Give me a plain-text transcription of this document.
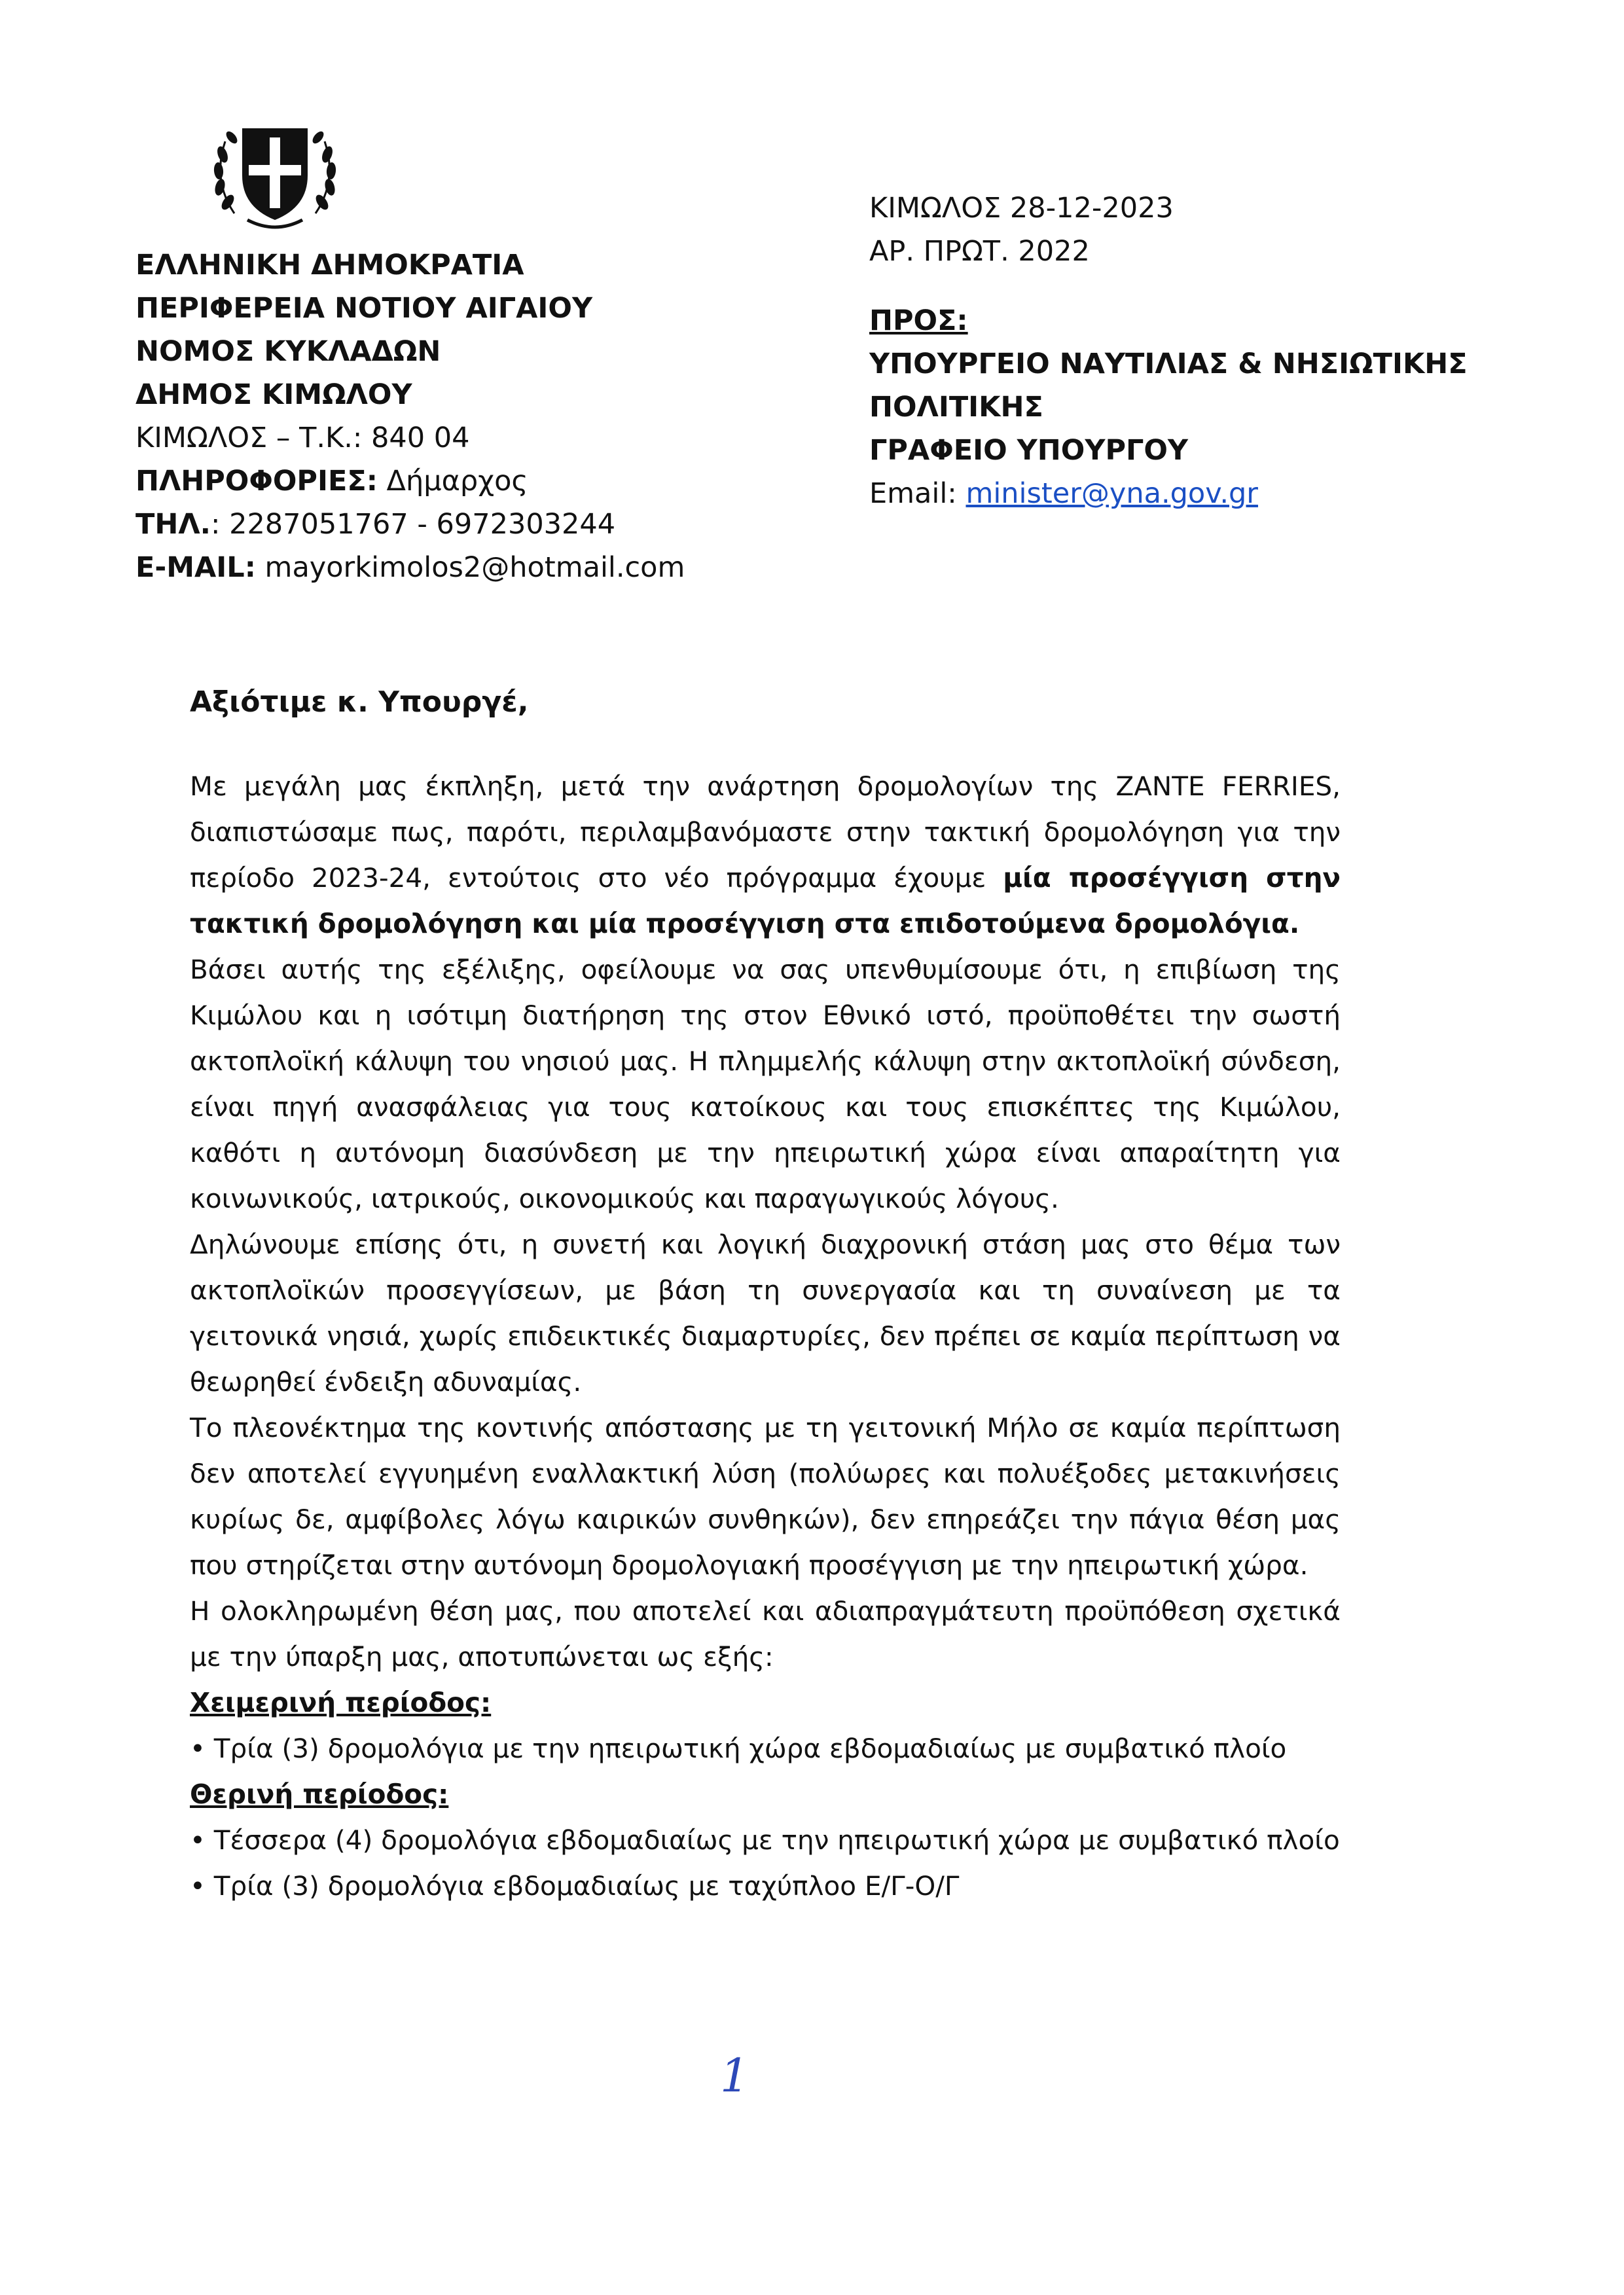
ΕΛΛΗΝΙΚΗ ΔΗΜΟΚΡΑΤΙΑ
ΠΕΡΙΦΕΡΕΙΑ ΝΟΤΙΟΥ ΑΙΓΑΙΟΥ
ΝΟΜΟΣ ΚΥΚΛΑΔΩΝ
ΔΗΜΟΣ ΚΙΜΩΛΟΥ
ΚΙΜΩΛΟΣ – Τ.Κ.: 840 04
ΠΛΗΡΟΦΟΡΙΕΣ: Δήμαρχος
ΤΗΛ.: 2287051767 - 6972303244
E-MAIL: mayorkimolos2@hotmail.com
ΚΙΜΩΛΟΣ 28-12-2023
ΑΡ. ΠΡΩΤ. 2022
ΠΡΟΣ:
ΥΠΟΥΡΓΕΙΟ ΝΑΥΤΙΛΙΑΣ & ΝΗΣΙΩΤΙΚΗΣ
ΠΟΛΙΤΙΚΗΣ
ΓΡΑΦΕΙΟ ΥΠΟΥΡΓΟΥ
Email: minister@yna.gov.gr
Αξιότιμε κ. Υπουργέ,

Με μεγάλη μας έκπληξη, μετά την ανάρτηση δρομολογίων της ZANTE FERRIES, διαπιστώσαμε πως, παρότι, περιλαμβανόμαστε στην τακτική δρομολόγηση για την περίοδο 2023-24, εντούτοις στο νέο πρόγραμμα έχουμε μία προσέγγιση στην τακτική δρομολόγηση και μία προσέγγιση στα επιδοτούμενα δρομολόγια.

Βάσει αυτής της εξέλιξης, οφείλουμε να σας υπενθυμίσουμε ότι, η επιβίωση της Κιμώλου και η ισότιμη διατήρηση της στον Εθνικό ιστό, προϋποθέτει την σωστή ακτοπλοϊκή κάλυψη του νησιού μας. Η πλημμελής κάλυψη στην ακτοπλοϊκή σύνδεση, είναι πηγή ανασφάλειας για τους κατοίκους και τους επισκέπτες της Κιμώλου, καθότι η αυτόνομη διασύνδεση με την ηπειρωτική χώρα είναι απαραίτητη για κοινωνικούς, ιατρικούς, οικονομικούς και παραγωγικούς λόγους.

Δηλώνουμε επίσης ότι, η συνετή και λογική διαχρονική στάση μας στο θέμα των ακτοπλοϊκών προσεγγίσεων, με βάση τη συνεργασία και τη συναίνεση με τα γειτονικά νησιά, χωρίς επιδεικτικές διαμαρτυρίες, δεν πρέπει σε καμία περίπτωση να θεωρηθεί ένδειξη αδυναμίας.

Το πλεονέκτημα της κοντινής απόστασης με τη γειτονική Μήλο σε καμία περίπτωση δεν αποτελεί εγγυημένη εναλλακτική λύση (πολύωρες και πολυέξοδες μετακινήσεις κυρίως δε, αμφίβολες λόγω καιρικών συνθηκών), δεν επηρεάζει την πάγια θέση μας που στηρίζεται στην αυτόνομη δρομολογιακή προσέγγιση με την ηπειρωτική χώρα.

Η ολοκληρωμένη θέση μας, που αποτελεί και αδιαπραγμάτευτη προϋπόθεση σχετικά με την ύπαρξη μας, αποτυπώνεται ως εξής:

Χειμερινή περίοδος:

• Τρία (3) δρομολόγια με την ηπειρωτική χώρα εβδομαδιαίως με συμβατικό πλοίο

Θερινή περίοδος:

• Τέσσερα (4) δρομολόγια εβδομαδιαίως με την ηπειρωτική χώρα με συμβατικό πλοίο

• Τρία (3) δρομολόγια εβδομαδιαίως με ταχύπλοο Ε/Γ-Ο/Γ

1
